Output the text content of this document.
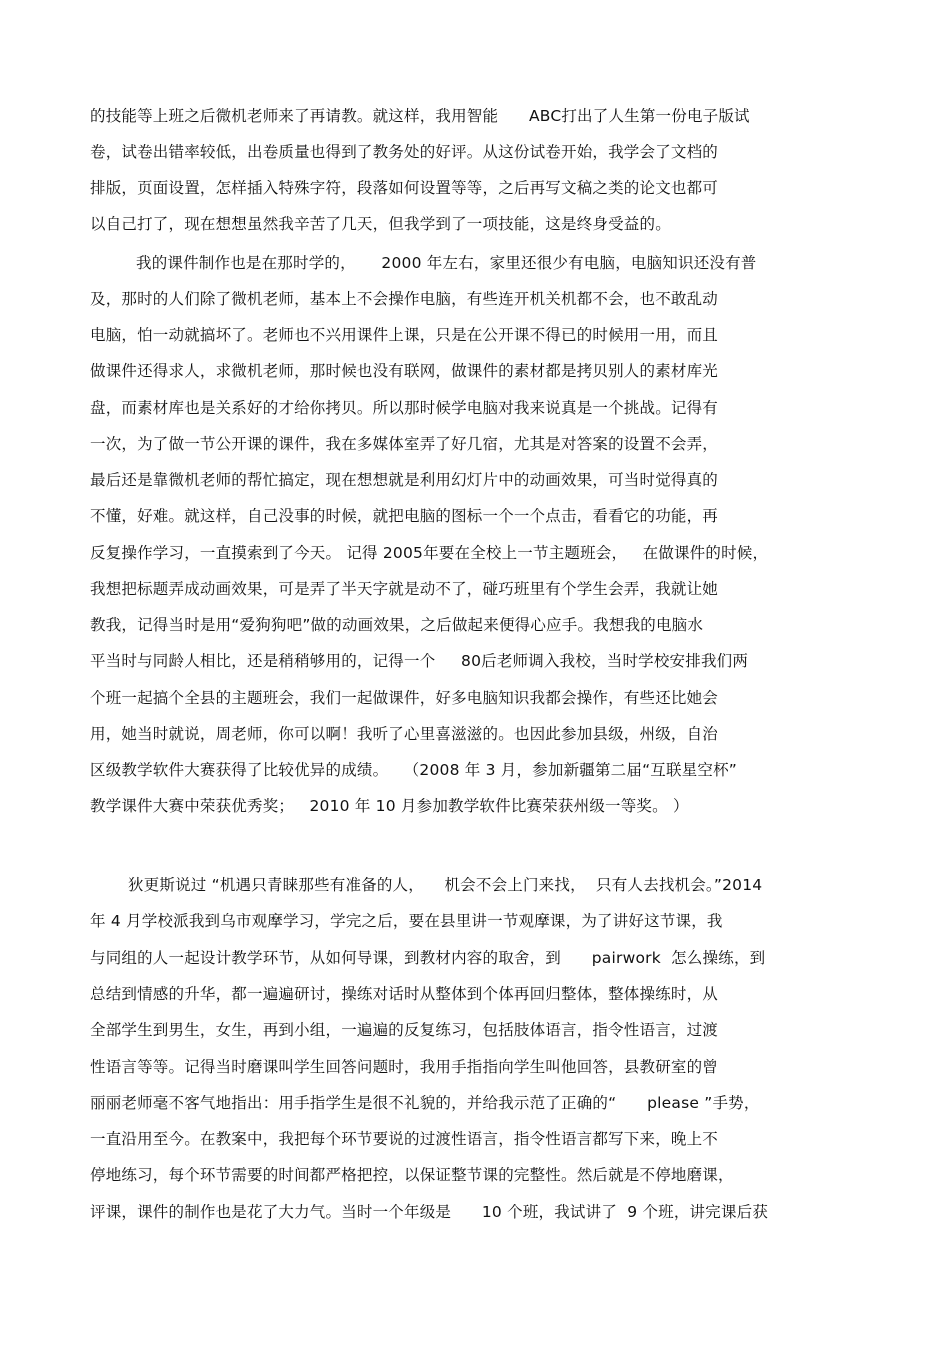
的技能等上班之后微机老师来了再请教。就这样，我用智能      ABC打出了人生第一份电子版试
卷，试卷出错率较低，出卷质量也得到了教务处的好评。从这份试卷开始，我学会了文档的
排版，页面设置，怎样插入特殊字符，段落如何设置等等，之后再写文稿之类的论文也都可
以自己打了，现在想想虽然我辛苦了几天，但我学到了一项技能，这是终身受益的。
我的课件制作也是在那时学的，     2000 年左右，家里还很少有电脑，电脑知识还没有普
及，那时的人们除了微机老师，基本上不会操作电脑，有些连开机关机都不会，也不敢乱动
电脑，怕一动就搞坏了。老师也不兴用课件上课，只是在公开课不得已的时候用一用，而且
做课件还得求人，求微机老师，那时候也没有联网，做课件的素材都是拷贝别人的素材库光
盘，而素材库也是关系好的才给你拷贝。所以那时候学电脑对我来说真是一个挑战。记得有
一次，为了做一节公开课的课件，我在多媒体室弄了好几宿，尤其是对答案的设置不会弄，
最后还是靠微机老师的帮忙搞定，现在想想就是利用幻灯片中的动画效果，可当时觉得真的
不懂，好难。就这样，自己没事的时候，就把电脑的图标一个一个点击，看看它的功能，再
反复操作学习，一直摸索到了今天。 记得 2005年要在全校上一节主题班会，   在做课件的时候，
我想把标题弄成动画效果，可是弄了半天字就是动不了，碰巧班里有个学生会弄，我就让她
教我，记得当时是用“爱狗狗吧”做的动画效果，之后做起来便得心应手。我想我的电脑水
平当时与同龄人相比，还是稍稍够用的，记得一个     80后老师调入我校，当时学校安排我们两
个班一起搞个全县的主题班会，我们一起做课件，好多电脑知识我都会操作，有些还比她会
用，她当时就说，周老师，你可以啊！我听了心里喜滋滋的。也因此参加县级，州级，自治
区级教学软件大赛获得了比较优异的成绩。   （2008 年 3 月，参加新疆第二届“互联星空杯”
教学课件大赛中荣获优秀奖；   2010 年 10 月参加教学软件比赛荣获州级一等奖。 ）
狄更斯说过 “机遇只青睐那些有准备的人，    机会不会上门来找，  只有人去找机会。”2014
年 4 月学校派我到乌市观摩学习，学完之后，要在县里讲一节观摩课，为了讲好这节课，我
与同组的人一起设计教学环节，从如何导课，到教材内容的取舍，到      pairwork  怎么操练，到
总结到情感的升华，都一遍遍研讨，操练对话时从整体到个体再回归整体，整体操练时，从
全部学生到男生，女生，再到小组，一遍遍的反复练习，包括肢体语言，指令性语言，过渡
性语言等等。记得当时磨课叫学生回答问题时，我用手指指向学生叫他回答，县教研室的曾
丽丽老师毫不客气地指出：用手指学生是很不礼貌的，并给我示范了正确的“      please ”手势，
一直沿用至今。在教案中，我把每个环节要说的过渡性语言，指令性语言都写下来，晚上不
停地练习，每个环节需要的时间都严格把控，以保证整节课的完整性。然后就是不停地磨课，
评课，课件的制作也是花了大力气。当时一个年级是      10 个班，我试讲了  9 个班，讲完课后获
